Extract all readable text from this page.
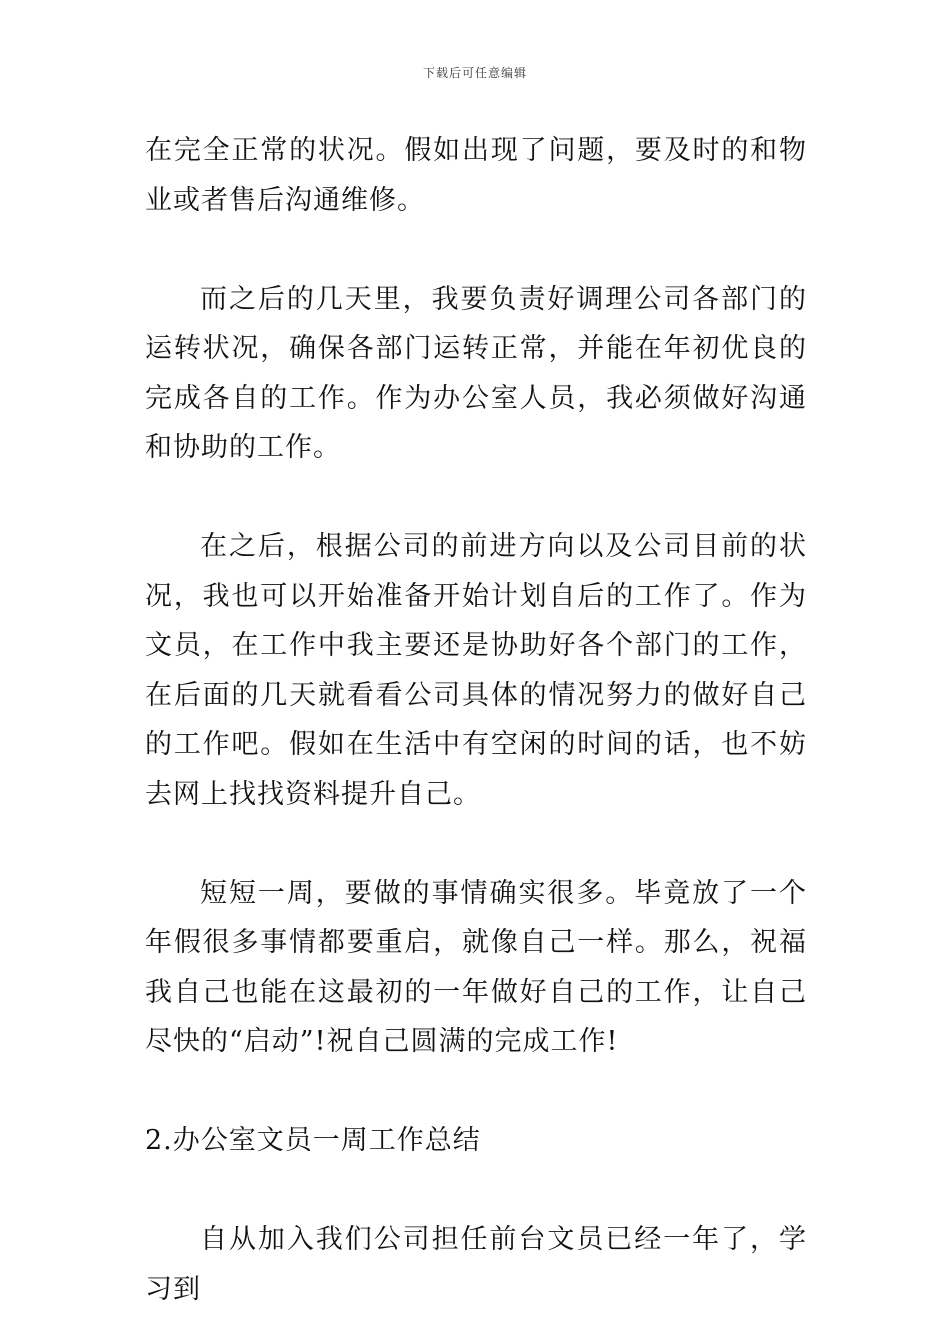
下载后可任意编辑

在完全正常的状况。假如出现了问题，要及时的和物业或者售后沟通维修。

而之后的几天里，我要负责好调理公司各部门的运转状况，确保各部门运转正常，并能在年初优良的完成各自的工作。作为办公室人员，我必须做好沟通和协助的工作。

在之后，根据公司的前进方向以及公司目前的状况，我也可以开始准备开始计划自后的工作了。作为文员，在工作中我主要还是协助好各个部门的工作，在后面的几天就看看公司具体的情况努力的做好自己的工作吧。假如在生活中有空闲的时间的话，也不妨去网上找找资料提升自己。

短短一周，要做的事情确实很多。毕竟放了一个年假很多事情都要重启，就像自己一样。那么，祝福我自己也能在这最初的一年做好自己的工作，让自己尽快的“启动”!祝自己圆满的完成工作!

2.办公室文员一周工作总结

自从加入我们公司担任前台文员已经一年了，学习到
